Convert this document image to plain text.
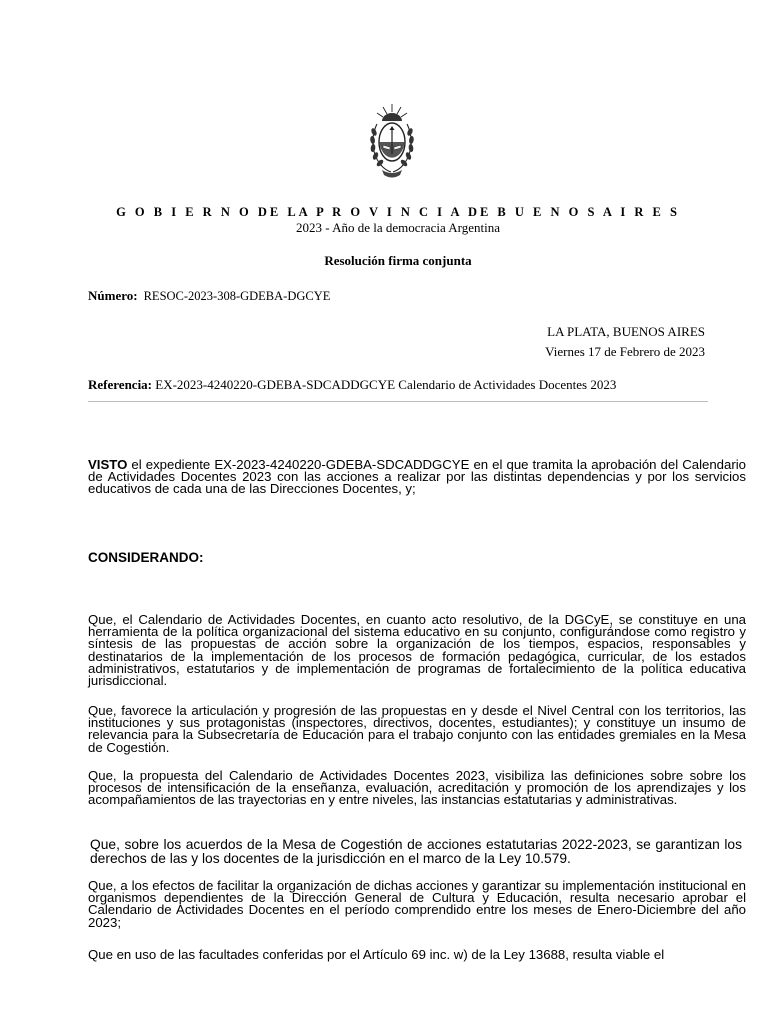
G O B I E R N O DE LA P R O V I N C I A DE B U E N O S A I R E S
2023 - Año de la democracia Argentina
Resolución firma conjunta
Número: RESOC-2023-308-GDEBA-DGCYE
LA PLATA, BUENOS AIRES
Viernes 17 de Febrero de 2023
Referencia: EX-2023-4240220-GDEBA-SDCADDGCYE Calendario de Actividades Docentes 2023
VISTO el expediente EX-2023-4240220-GDEBA-SDCADDGCYE en el que tramita la aprobación del Calendario de Actividades Docentes 2023 con las acciones a realizar por las distintas dependencias y por los servicios educativos de cada una de las Direcciones Docentes, y;
CONSIDERANDO:
Que, el Calendario de Actividades Docentes, en cuanto acto resolutivo, de la DGCyE, se constituye en una herramienta de la política organizacional del sistema educativo en su conjunto, configurándose como registro y síntesis de las propuestas de acción sobre la organización de los tiempos, espacios, responsables y destinatarios de la implementación de los procesos de formación pedagógica, curricular, de los estados administrativos, estatutarios y de implementación de programas de fortalecimiento de la política educativa jurisdiccional.
Que, favorece la articulación y progresión de las propuestas en y desde el Nivel Central con los territorios, las instituciones y sus protagonistas (inspectores, directivos, docentes, estudiantes); y constituye un insumo de relevancia para la Subsecretaría de Educación para el trabajo conjunto con las entidades gremiales en la Mesa de Cogestión.
Que, la propuesta del Calendario de Actividades Docentes 2023, visibiliza las definiciones sobre sobre los procesos de intensificación de la enseñanza, evaluación, acreditación y promoción de los aprendizajes y los acompañamientos de las trayectorias en y entre niveles, las instancias estatutarias y administrativas.
Que, sobre los acuerdos de la Mesa de Cogestión de acciones estatutarias 2022-2023, se garantizan los derechos de las y los docentes de la jurisdicción en el marco de la Ley 10.579.
Que, a los efectos de facilitar la organización de dichas acciones y garantizar su implementación institucional en organismos dependientes de la Dirección General de Cultura y Educación, resulta necesario aprobar el Calendario de Actividades Docentes en el período comprendido entre los meses de Enero-Diciembre del año 2023;
Que en uso de las facultades conferidas por el Artículo 69 inc. w) de la Ley 13688, resulta viable el
